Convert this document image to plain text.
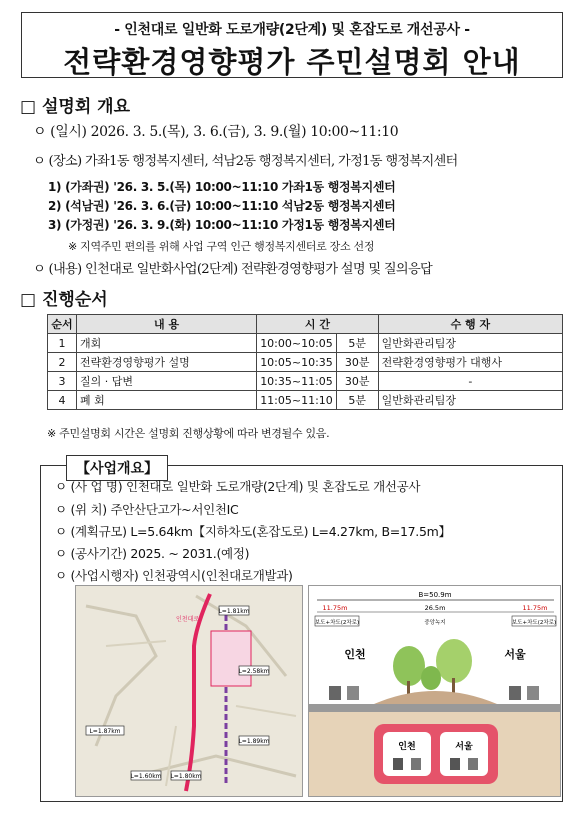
- 인천대로 일반화 도로개량(2단계) 및 혼잡도로 개선공사 -
전략환경영향평가 주민설명회 안내
□ 설명회 개요
ㅇ (일시) 2026. 3. 5.(목), 3. 6.(금), 3. 9.(월) 10:00~11:10
ㅇ (장소) 가좌1동 행정복지센터, 석남2동 행정복지센터, 가정1동 행정복지센터
1) (가좌권) '26. 3. 5.(목) 10:00~11:10 가좌1동 행정복지센터
2) (석남권) '26. 3. 6.(금) 10:00~11:10 석남2동 행정복지센터
3) (가정권) '26. 3. 9.(화) 10:00~11:10 가정1동 행정복지센터
※ 지역주민 편의를 위해 사업 구역 인근 행정복지센터로 장소 선정
ㅇ (내용) 인천대로 일반화사업(2단계) 전략환경영향평가 설명 및 질의응답
□ 진행순서
순서	내 용	시 간		수 행 자
1	개회	10:00~10:05	5분	일반화관리팀장
2	전략환경영향평가 설명	10:05~10:35	30분	전략환경영향평가 대행사
3	질의 · 답변	10:35~11:05	30분	-
4	폐 회	11:05~11:10	5분	일반화관리팀장
※ 주민설명회 시간은 설명회 진행상황에 따라 변경될수 있음.
【사업개요】
ㅇ (사 업 명) 인천대로 일반화 도로개량(2단계) 및 혼잡도로 개선공사
ㅇ (위 치) 주안산단고가~서인천IC
ㅇ (계획규모) L=5.64km【지하차도(혼잡도로) L=4.27km, B=17.5m】
ㅇ (공사기간) 2025. ~ 2031.(예정)
ㅇ (사업시행자) 인천광역시(인천대로개발과)
L=1.81km
L=2.58km
L=1.89km
L=1.80km
L=1.60km
L=1.87km
인천대로
B=50.9m
11.75m	26.5m	11.75m
보도+차도(2차로)	중앙녹지	보도+차도(2차로)
인천	서울
인천	서울
